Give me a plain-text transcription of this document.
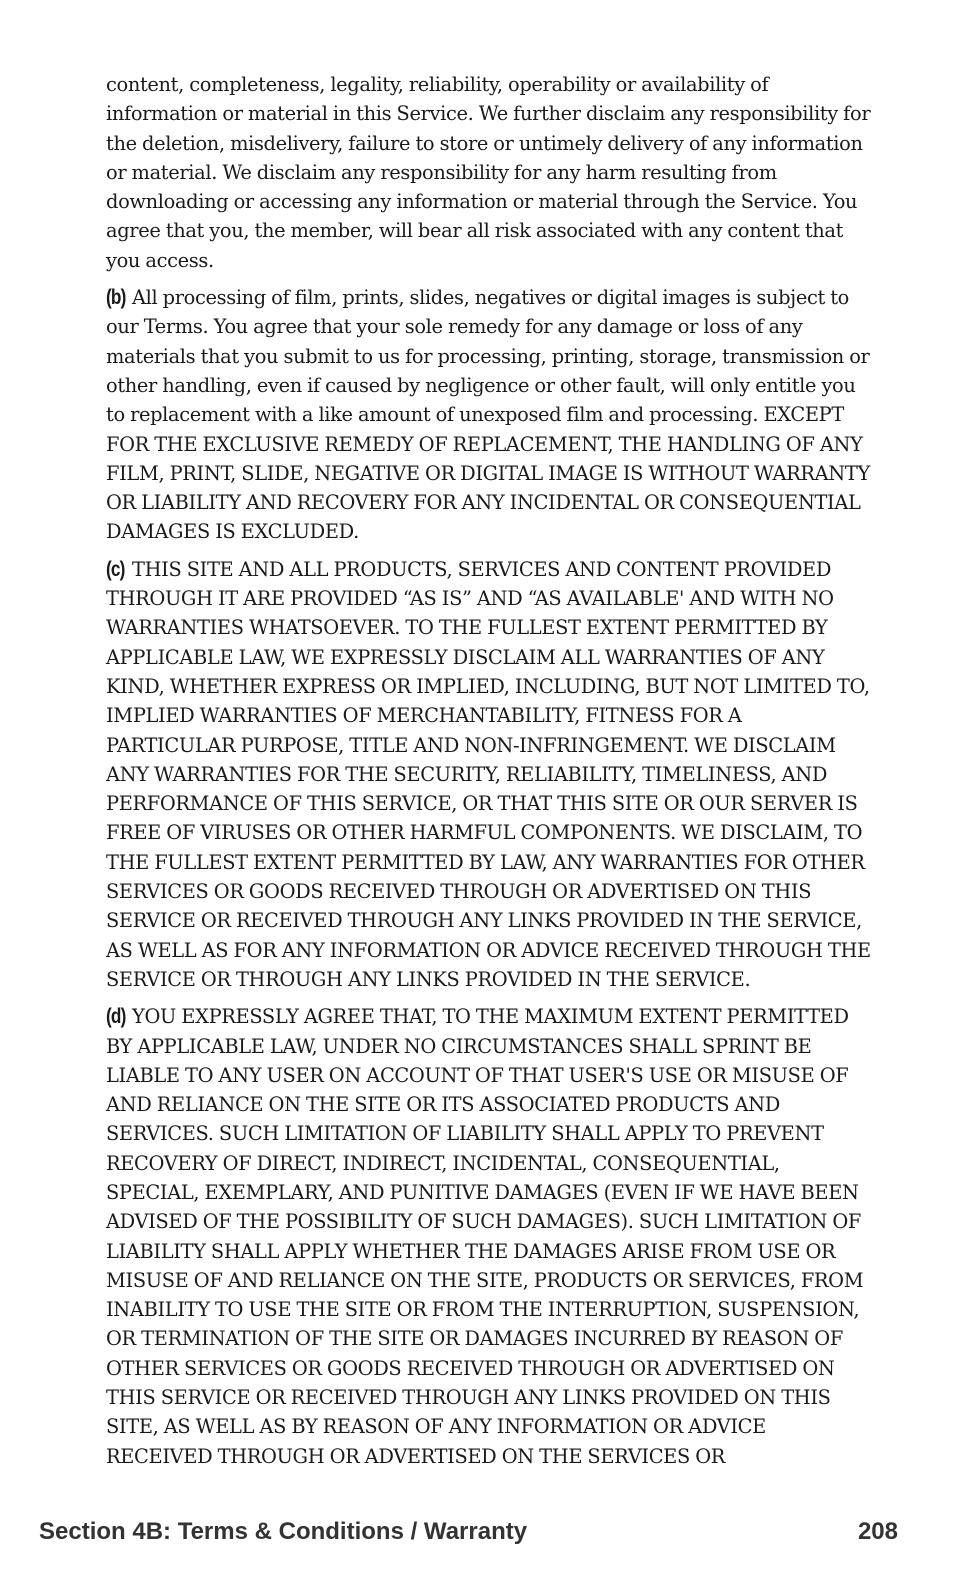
content, completeness, legality, reliability, operability or availability of information or material in this Service. We further disclaim any responsibility for the deletion, misdelivery, failure to store or untimely delivery of any information or material. We disclaim any responsibility for any harm resulting from downloading or accessing any information or material through the Service. You agree that you, the member, will bear all risk associated with any content that you access.

(b) All processing of film, prints, slides, negatives or digital images is subject to our Terms. You agree that your sole remedy for any damage or loss of any materials that you submit to us for processing, printing, storage, transmission or other handling, even if caused by negligence or other fault, will only entitle you to replacement with a like amount of unexposed film and processing. EXCEPT FOR THE EXCLUSIVE REMEDY OF REPLACEMENT, THE HANDLING OF ANY FILM, PRINT, SLIDE, NEGATIVE OR DIGITAL IMAGE IS WITHOUT WARRANTY OR LIABILITY AND RECOVERY FOR ANY INCIDENTAL OR CONSEQUENTIAL DAMAGES IS EXCLUDED.

(c) THIS SITE AND ALL PRODUCTS, SERVICES AND CONTENT PROVIDED THROUGH IT ARE PROVIDED “AS IS” AND “AS AVAILABLE' AND WITH NO WARRANTIES WHATSOEVER. TO THE FULLEST EXTENT PERMITTED BY APPLICABLE LAW, WE EXPRESSLY DISCLAIM ALL WARRANTIES OF ANY KIND, WHETHER EXPRESS OR IMPLIED, INCLUDING, BUT NOT LIMITED TO, IMPLIED WARRANTIES OF MERCHANTABILITY, FITNESS FOR A PARTICULAR PURPOSE, TITLE AND NON-INFRINGEMENT. WE DISCLAIM ANY WARRANTIES FOR THE SECURITY, RELIABILITY, TIMELINESS, AND PERFORMANCE OF THIS SERVICE, OR THAT THIS SITE OR OUR SERVER IS FREE OF VIRUSES OR OTHER HARMFUL COMPONENTS. WE DISCLAIM, TO THE FULLEST EXTENT PERMITTED BY LAW, ANY WARRANTIES FOR OTHER SERVICES OR GOODS RECEIVED THROUGH OR ADVERTISED ON THIS SERVICE OR RECEIVED THROUGH ANY LINKS PROVIDED IN THE SERVICE, AS WELL AS FOR ANY INFORMATION OR ADVICE RECEIVED THROUGH THE SERVICE OR THROUGH ANY LINKS PROVIDED IN THE SERVICE.

(d) YOU EXPRESSLY AGREE THAT, TO THE MAXIMUM EXTENT PERMITTED BY APPLICABLE LAW, UNDER NO CIRCUMSTANCES SHALL SPRINT BE LIABLE TO ANY USER ON ACCOUNT OF THAT USER'S USE OR MISUSE OF AND RELIANCE ON THE SITE OR ITS ASSOCIATED PRODUCTS AND SERVICES. SUCH LIMITATION OF LIABILITY SHALL APPLY TO PREVENT RECOVERY OF DIRECT, INDIRECT, INCIDENTAL, CONSEQUENTIAL, SPECIAL, EXEMPLARY, AND PUNITIVE DAMAGES (EVEN IF WE HAVE BEEN ADVISED OF THE POSSIBILITY OF SUCH DAMAGES). SUCH LIMITATION OF LIABILITY SHALL APPLY WHETHER THE DAMAGES ARISE FROM USE OR MISUSE OF AND RELIANCE ON THE SITE, PRODUCTS OR SERVICES, FROM INABILITY TO USE THE SITE OR FROM THE INTERRUPTION, SUSPENSION, OR TERMINATION OF THE SITE OR DAMAGES INCURRED BY REASON OF OTHER SERVICES OR GOODS RECEIVED THROUGH OR ADVERTISED ON THIS SERVICE OR RECEIVED THROUGH ANY LINKS PROVIDED ON THIS SITE, AS WELL AS BY REASON OF ANY INFORMATION OR ADVICE RECEIVED THROUGH OR ADVERTISED ON THE SERVICES OR

Section 4B: Terms & Conditions / Warranty	208
